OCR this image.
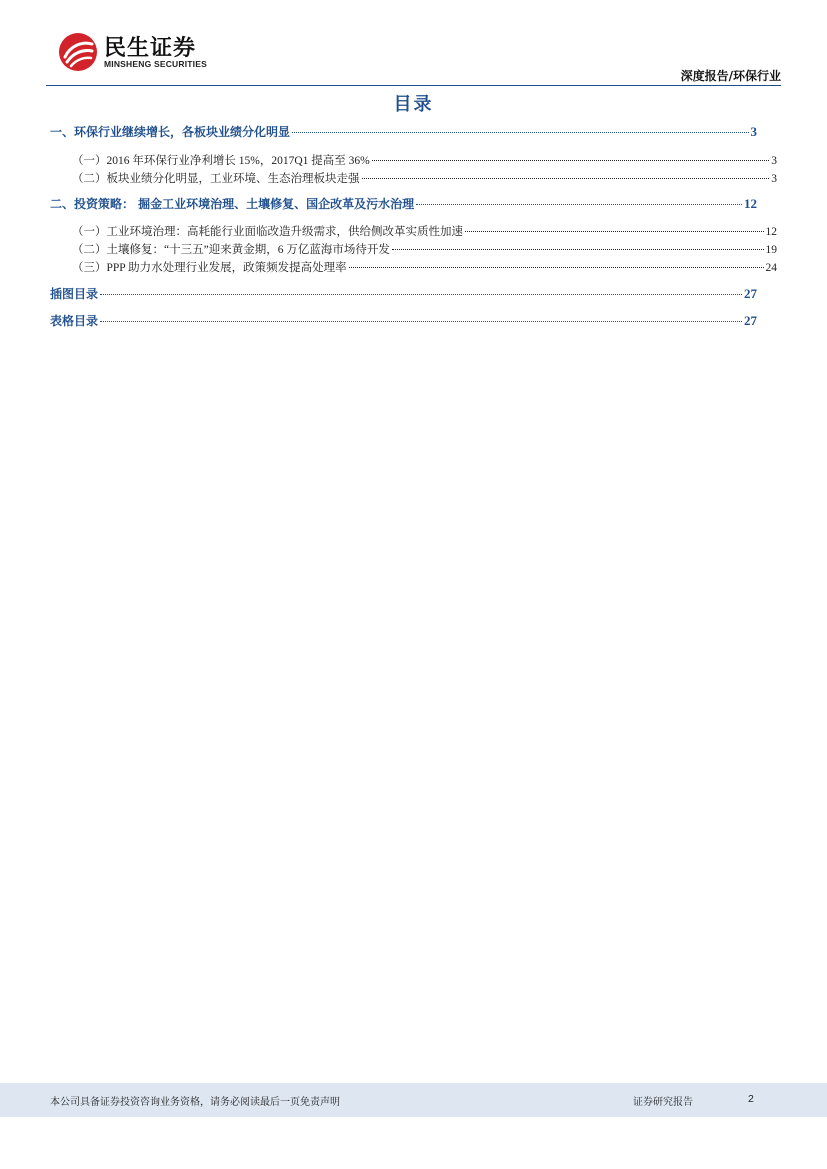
民生证券
MINSHENG SECURITIES
深度报告/环保行业
目录
一、环保行业继续增长，各板块业绩分化明显	3
（一）2016 年环保行业净利增长 15%，2017Q1 提高至 36%	3
（二）板块业绩分化明显，工业环境、生态治理板块走强	3
二、投资策略： 掘金工业环境治理、土壤修复、国企改革及污水治理	12
（一）工业环境治理：高耗能行业面临改造升级需求，供给侧改革实质性加速	12
（二）土壤修复：“十三五”迎来黄金期，6 万亿蓝海市场待开发	19
（三）PPP 助力水处理行业发展，政策频发提高处理率	24
插图目录	27
表格目录	27
本公司具备证券投资咨询业务资格，请务必阅读最后一页免责声明	证券研究报告	2
